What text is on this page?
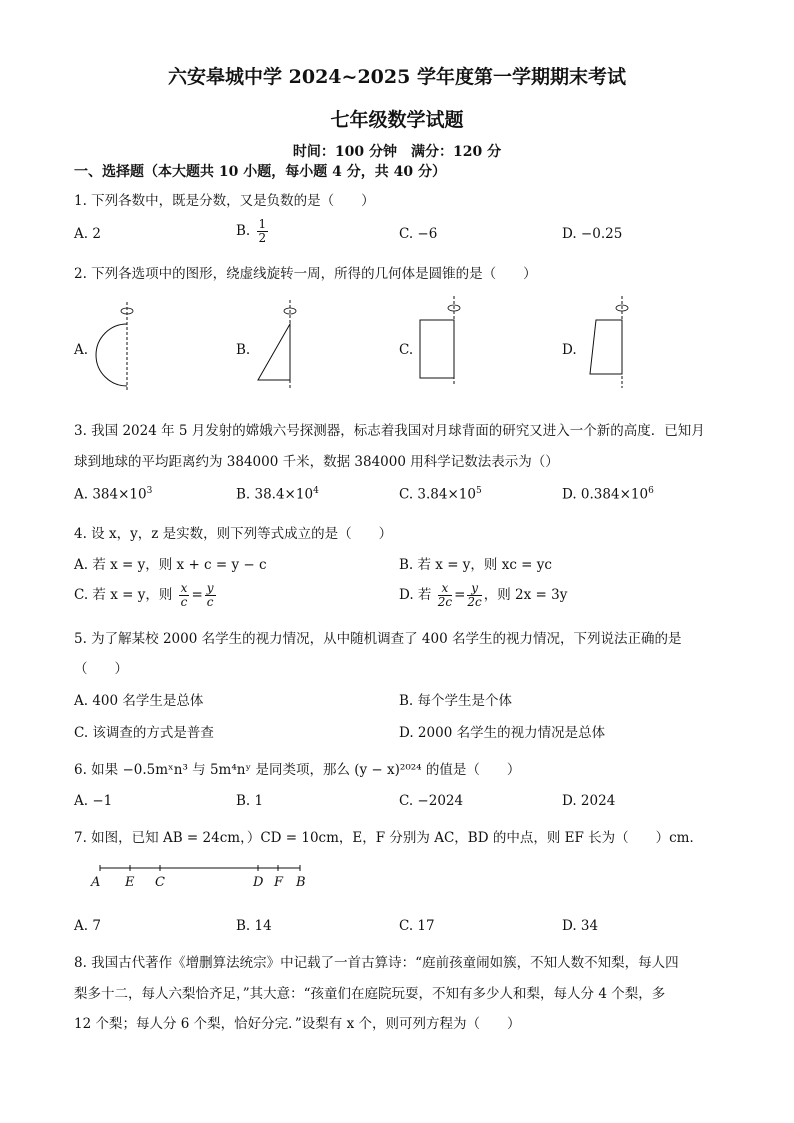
六安皋城中学 2024~2025 学年度第一学期期末考试
七年级数学试题
时间：100 分钟　满分：120 分
一、选择题（本大题共 10 小题，每小题 4 分，共 40 分）
1. 下列各数中，既是分数，又是负数的是（　　）
A. 2	B. $\frac{1}{2}$	C. −6	D. −0.25
2. 下列各选项中的图形，绕虚线旋转一周，所得的几何体是圆锥的是（　　）
A.	B.	C.	D.
3. 我国 2024 年 5 月发射的嫦娥六号探测器，标志着我国对月球背面的研究又进入一个新的高度．已知月
球到地球的平均距离约为 384000 千米，数据 384000 用科学记数法表示为（）
A. $384\times 10^3$	B. $38.4\times 10^4$	C. $3.84\times 10^5$	D. $0.384\times 10^6$
4. 设 x，y，z 是实数，则下列等式成立的是（　　）
A. 若 x = y，则 x + c = y − c	B. 若 x = y，则 xc = yc
C. 若 x = y，则 $\frac{x}{c} = \frac{y}{c}$	D. 若 $\frac{x}{2c} = \frac{y}{2c}$ ，则 2x = 3y
5. 为了解某校 2000 名学生的视力情况，从中随机调查了 400 名学生的视力情况，下列说法正确的是
（　　）
A. 400 名学生是总体	B. 每个学生是个体
C. 该调查的方式是普查	D. 2000 名学生的视力情况是总体
6. 如果 −0.5mˣn³ 与 5m⁴nʸ 是同类项，那么 (y − x)²⁰²⁴ 的值是（　　）
A. −1	B. 1	C. −2024	D. 2024
7. 如图，已知 AB = 24cm，）CD = 10cm，E，F 分别为 AC，BD 的中点，则 EF 长为（　　）cm．
A E C	D F B
A. 7	B. 14	C. 17	D. 34
8. 我国古代著作《增删算法统宗》中记载了一首古算诗：“庭前孩童闹如簇，不知人数不知梨，每人四
梨多十二，每人六梨恰齐足，”其大意：“孩童们在庭院玩耍，不知有多少人和梨，每人分 4 个梨，多
12 个梨；每人分 6 个梨，恰好分完．”设梨有 x 个，则可列方程为（　　）
